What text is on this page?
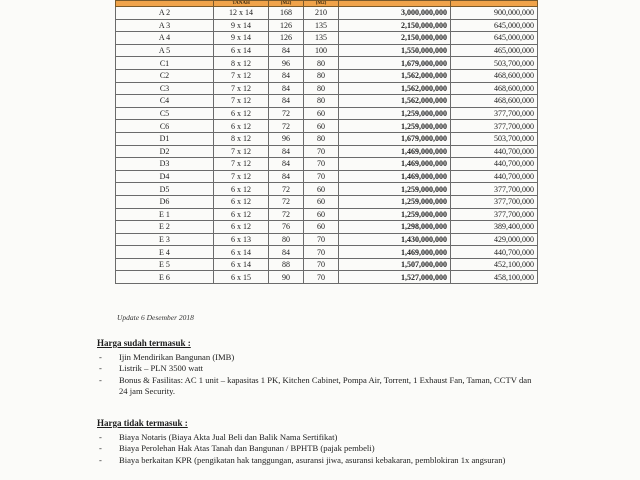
	TANAH	(M2)	(M2)		
A 2	12 x 14	168	210	3,000,000,000	900,000,000
A 3	9 x 14	126	135	2,150,000,000	645,000,000
A 4	9 x 14	126	135	2,150,000,000	645,000,000
A 5	6 x 14	84	100	1,550,000,000	465,000,000
C1	8 x 12	96	80	1,679,000,000	503,700,000
C2	7 x 12	84	80	1,562,000,000	468,600,000
C3	7 x 12	84	80	1,562,000,000	468,600,000
C4	7 x 12	84	80	1,562,000,000	468,600,000
C5	6 x 12	72	60	1,259,000,000	377,700,000
C6	6 x 12	72	60	1,259,000,000	377,700,000
D1	8 x 12	96	80	1,679,000,000	503,700,000
D2	7 x 12	84	70	1,469,000,000	440,700,000
D3	7 x 12	84	70	1,469,000,000	440,700,000
D4	7 x 12	84	70	1,469,000,000	440,700,000
D5	6 x 12	72	60	1,259,000,000	377,700,000
D6	6 x 12	72	60	1,259,000,000	377,700,000
E 1	6 x 12	72	60	1,259,000,000	377,700,000
E 2	6 x 12	76	60	1,298,000,000	389,400,000
E 3	6 x 13	80	70	1,430,000,000	429,000,000
E 4	6 x 14	84	70	1,469,000,000	440,700,000
E 5	6 x 14	88	70	1,507,000,000	452,100,000
E 6	6 x 15	90	70	1,527,000,000	458,100,000
Update 6 Desember 2018
Harga sudah termasuk :
- Ijin Mendirikan Bangunan (IMB)
- Listrik – PLN 3500 watt
- Bonus & Fasilitas: AC 1 unit – kapasitas 1 PK, Kitchen Cabinet, Pompa Air, Torrent, 1 Exhaust Fan, Taman, CCTV dan 24 jam Security.
Harga tidak termasuk :
- Biaya Notaris (Biaya Akta Jual Beli dan Balik Nama Sertifikat)
- Biaya Perolehan Hak Atas Tanah dan Bangunan / BPHTB (pajak pembeli)
- Biaya berkaitan KPR (pengikatan hak tanggungan, asuransi jiwa, asuransi kebakaran, pemblokiran 1x angsuran)
